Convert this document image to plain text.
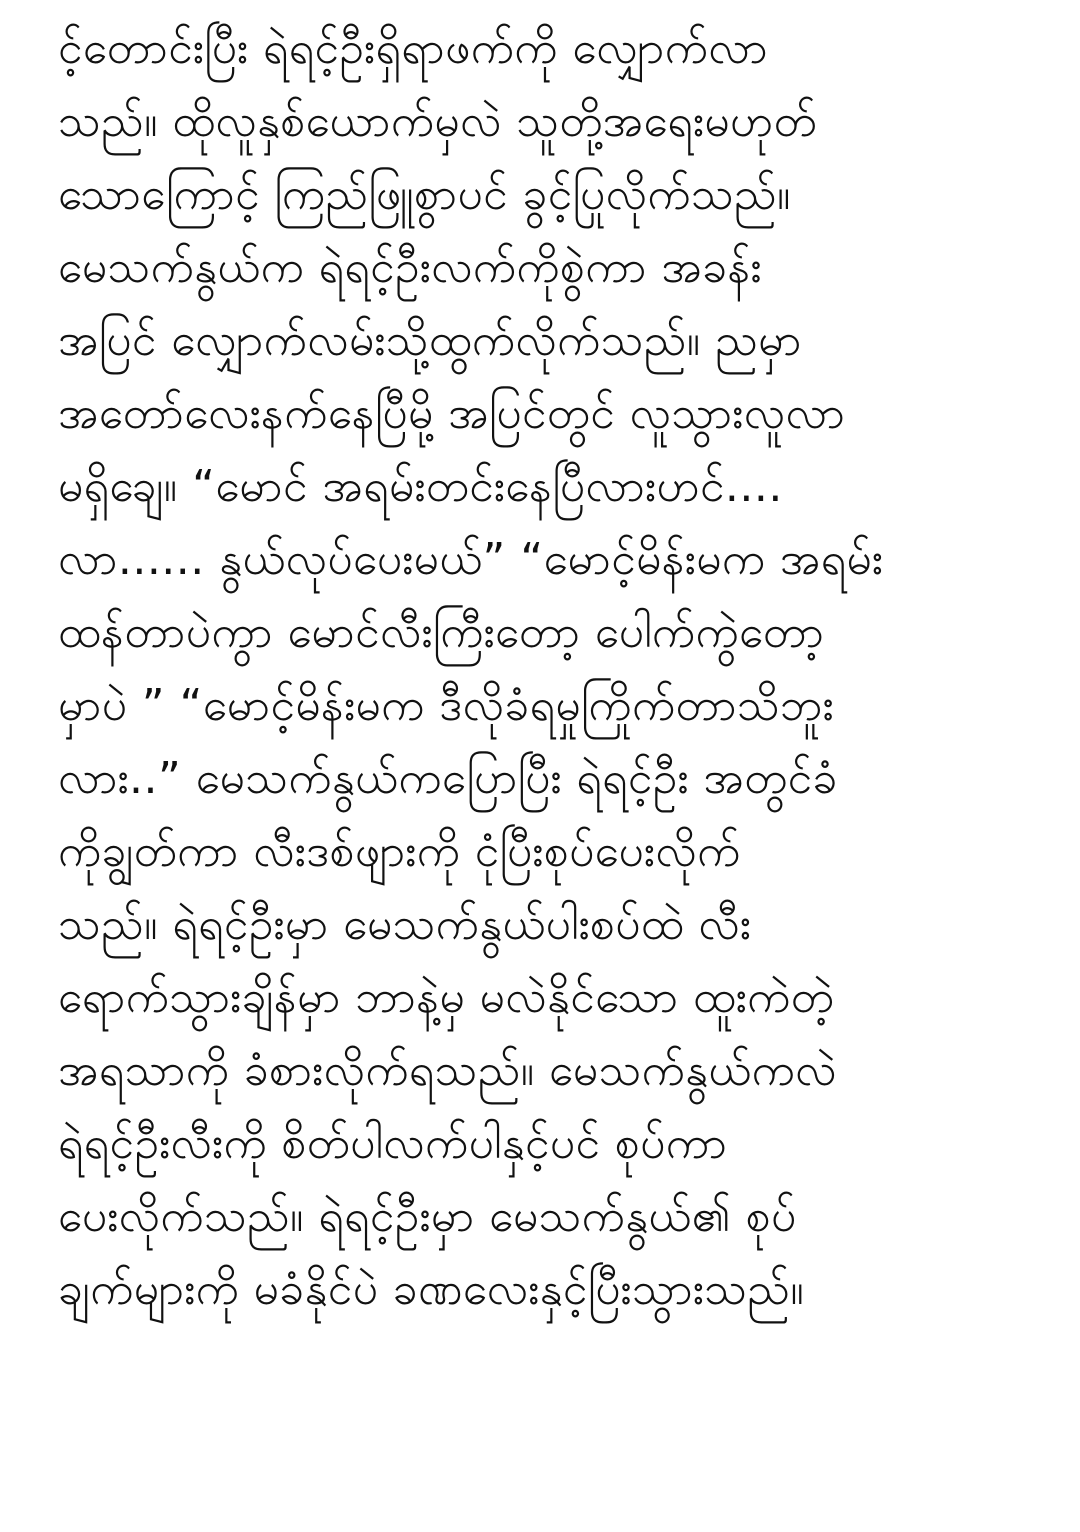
င့်တောင်းပြီး ရဲရင့်ဦးရှိရာဖက်ကို လျှောက်လာ
သည်။ ထိုလူနှစ်ယောက်မှလဲ သူတို့အရေးမဟုတ်
သောကြောင့် ကြည်ဖြူစွာပင် ခွင့်ပြုလိုက်သည်။
မေသက်နွယ်က ရဲရင့်ဦးလက်ကိုစွဲကာ အခန်း
အပြင် လျှောက်လမ်းသို့ထွက်လိုက်သည်။ ညမှာ
အတော်လေးနက်နေပြီမို့ အပြင်တွင် လူသွားလူလာ
မရှိချေ။ “မောင် အရမ်းတင်းနေပြီလားဟင်....
လာ...... နွယ်လုပ်ပေးမယ်” “မောင့်မိန်းမက အရမ်း
ထန်တာပဲကွာ မောင်လီးကြီးတော့ ပေါက်ကွဲတော့
မှာပဲ ” “မောင့်မိန်းမက ဒီလိုခံရမှုကြိုက်တာသိဘူး
လား..” မေသက်နွယ်ကပြောပြီး ရဲရင့်ဦး အတွင်ခံ
ကိုချွတ်ကာ လီးဒစ်ဖျားကို ငုံပြီးစုပ်ပေးလိုက်
သည်။ ရဲရင့်ဦးမှာ မေသက်နွယ်ပါးစပ်ထဲ လီး
ရောက်သွားချိန်မှာ ဘာနဲ့မှ မလဲနိုင်သော ထူးကဲတဲ့
အရသာကို ခံစားလိုက်ရသည်။ မေသက်နွယ်ကလဲ
ရဲရင့်ဦးလီးကို စိတ်ပါလက်ပါနှင့်ပင် စုပ်ကာ
ပေးလိုက်သည်။ ရဲရင့်ဦးမှာ မေသက်နွယ်၏ စုပ်
ချက်များကို မခံနိုင်ပဲ ခဏလေးနှင့်ပြီးသွားသည်။
